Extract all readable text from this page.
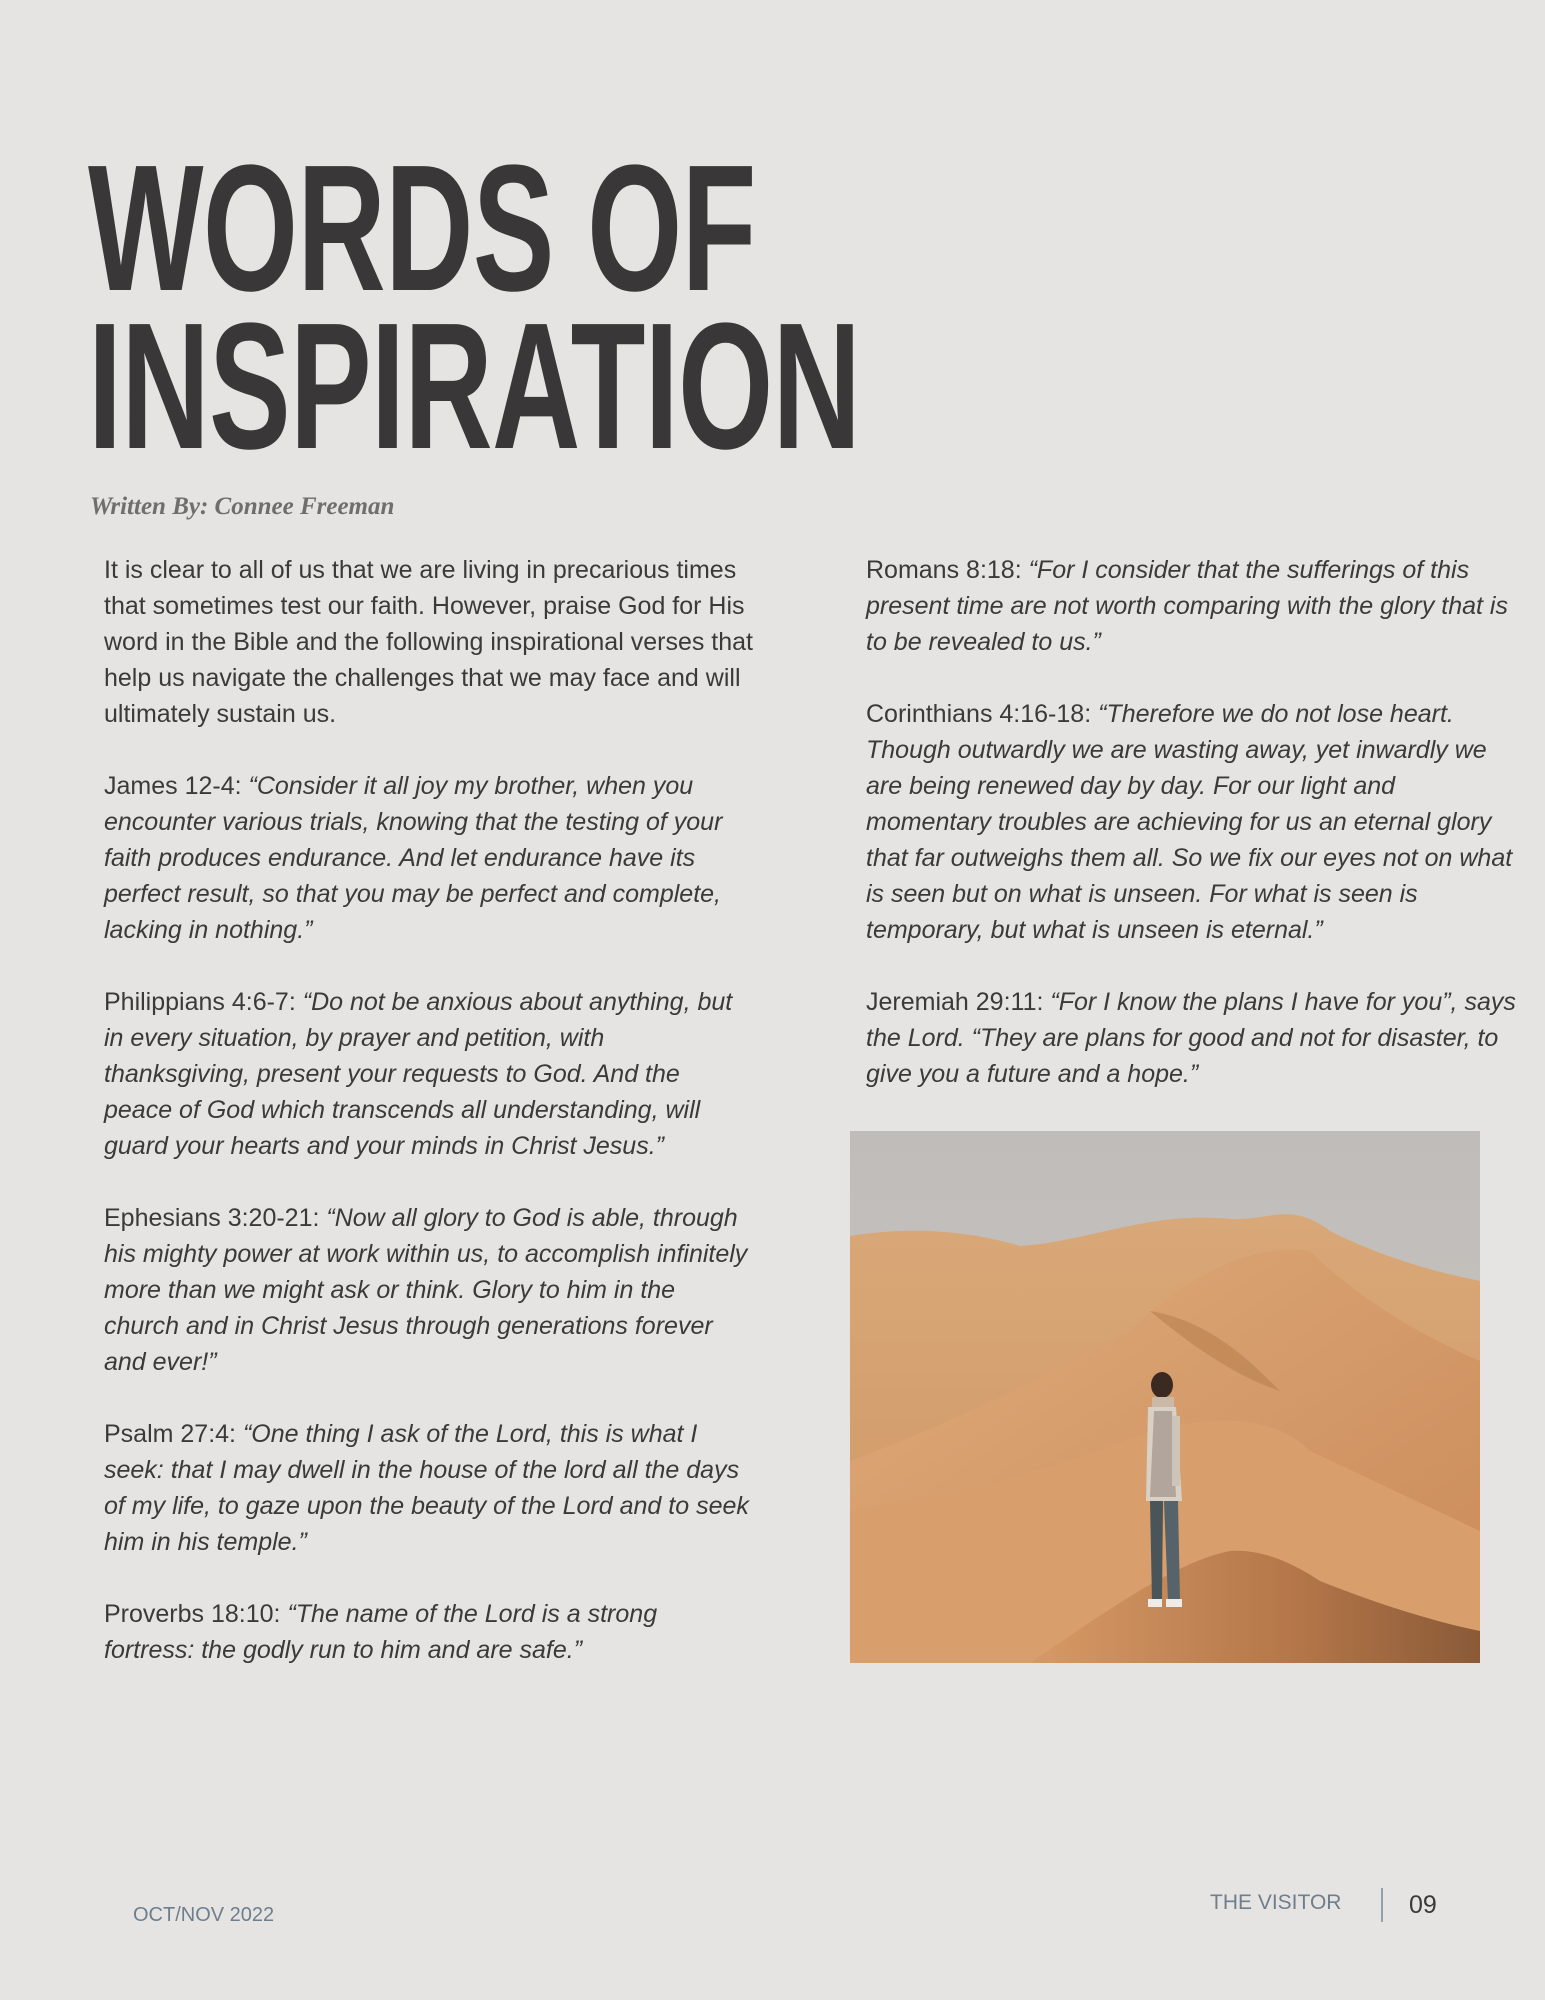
WORDS OF
INSPIRATION
Written By: Connee Freeman

It is clear to all of us that we are living in precarious times that sometimes test our faith. However, praise God for His word in the Bible and the following inspirational verses that help us navigate the challenges that we may face and will ultimately sustain us.

James 12-4: “Consider it all joy my brother, when you encounter various trials, knowing that the testing of your faith produces endurance. And let endurance have its perfect result, so that you may be perfect and complete, lacking in nothing.”

Philippians 4:6-7: “Do not be anxious about anything, but in every situation, by prayer and petition, with thanksgiving, present your requests to God. And the peace of God which transcends all understanding, will guard your hearts and your minds in Christ Jesus.”

Ephesians 3:20-21: “Now all glory to God is able, through his mighty power at work within us, to accomplish infinitely more than we might ask or think. Glory to him in the church and in Christ Jesus through generations forever and ever!”

Psalm 27:4: “One thing I ask of the Lord, this is what I seek: that I may dwell in the house of the lord all the days of my life, to gaze upon the beauty of the Lord and to seek him in his temple.”

Proverbs 18:10: “The name of the Lord is a strong fortress: the godly run to him and are safe.”

Romans 8:18: “For I consider that the sufferings of this present time are not worth comparing with the glory that is to be revealed to us.”

Corinthians 4:16-18: “Therefore we do not lose heart. Though outwardly we are wasting away, yet inwardly we are being renewed day by day. For our light and momentary troubles are achieving for us an eternal glory that far outweighs them all. So we fix our eyes not on what is seen but on what is unseen. For what is seen is temporary, but what is unseen is eternal.”

Jeremiah 29:11: “For I know the plans I have for you”, says the Lord. “They are plans for good and not for disaster, to give you a future and a hope.”

OCT/NOV 2022
THE VISITOR	09
